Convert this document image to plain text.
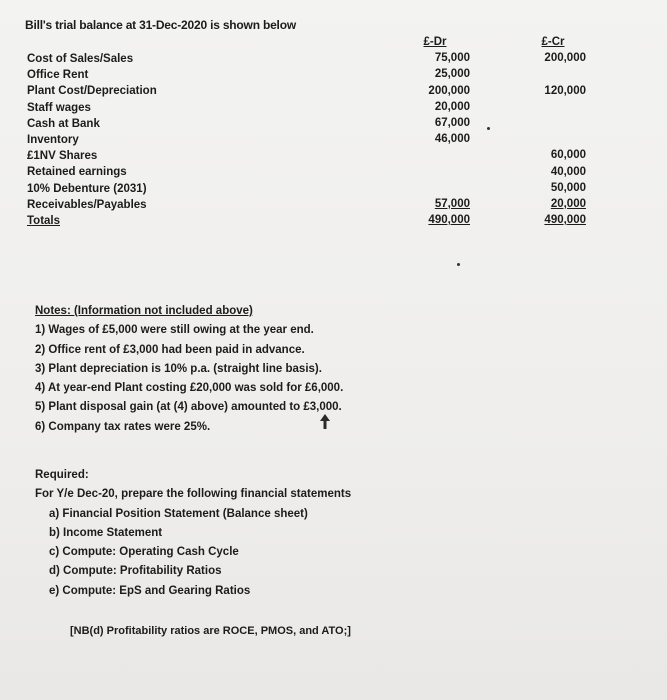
Bill's trial balance at 31-Dec-2020 is shown below
Cost of Sales/Sales
Office Rent
Plant Cost/Depreciation
Staff wages
Cash at Bank
Inventory
£1NV Shares
Retained earnings
10% Debenture (2031)
Receivables/Payables
Totals
£-Dr
75,000
25,000
200,000
20,000
67,000
46,000
57,000
490,000
£-Cr
200,000
120,000
60,000
40,000
50,000
20,000
490,000
Notes: (Information not included above)
1) Wages of £5,000 were still owing at the year end.
2) Office rent of £3,000 had been paid in advance.
3) Plant depreciation is 10% p.a. (straight line basis).
4) At year-end Plant costing £20,000 was sold for £6,000.
5) Plant disposal gain (at (4) above) amounted to £3,000.
6) Company tax rates were 25%.
Required:
For Y/e Dec-20, prepare the following financial statements
a) Financial Position Statement (Balance sheet)
b) Income Statement
c) Compute: Operating Cash Cycle
d) Compute: Profitability Ratios
e) Compute: EpS and Gearing Ratios
[NB(d) Profitability ratios are ROCE, PMOS, and ATO;]
